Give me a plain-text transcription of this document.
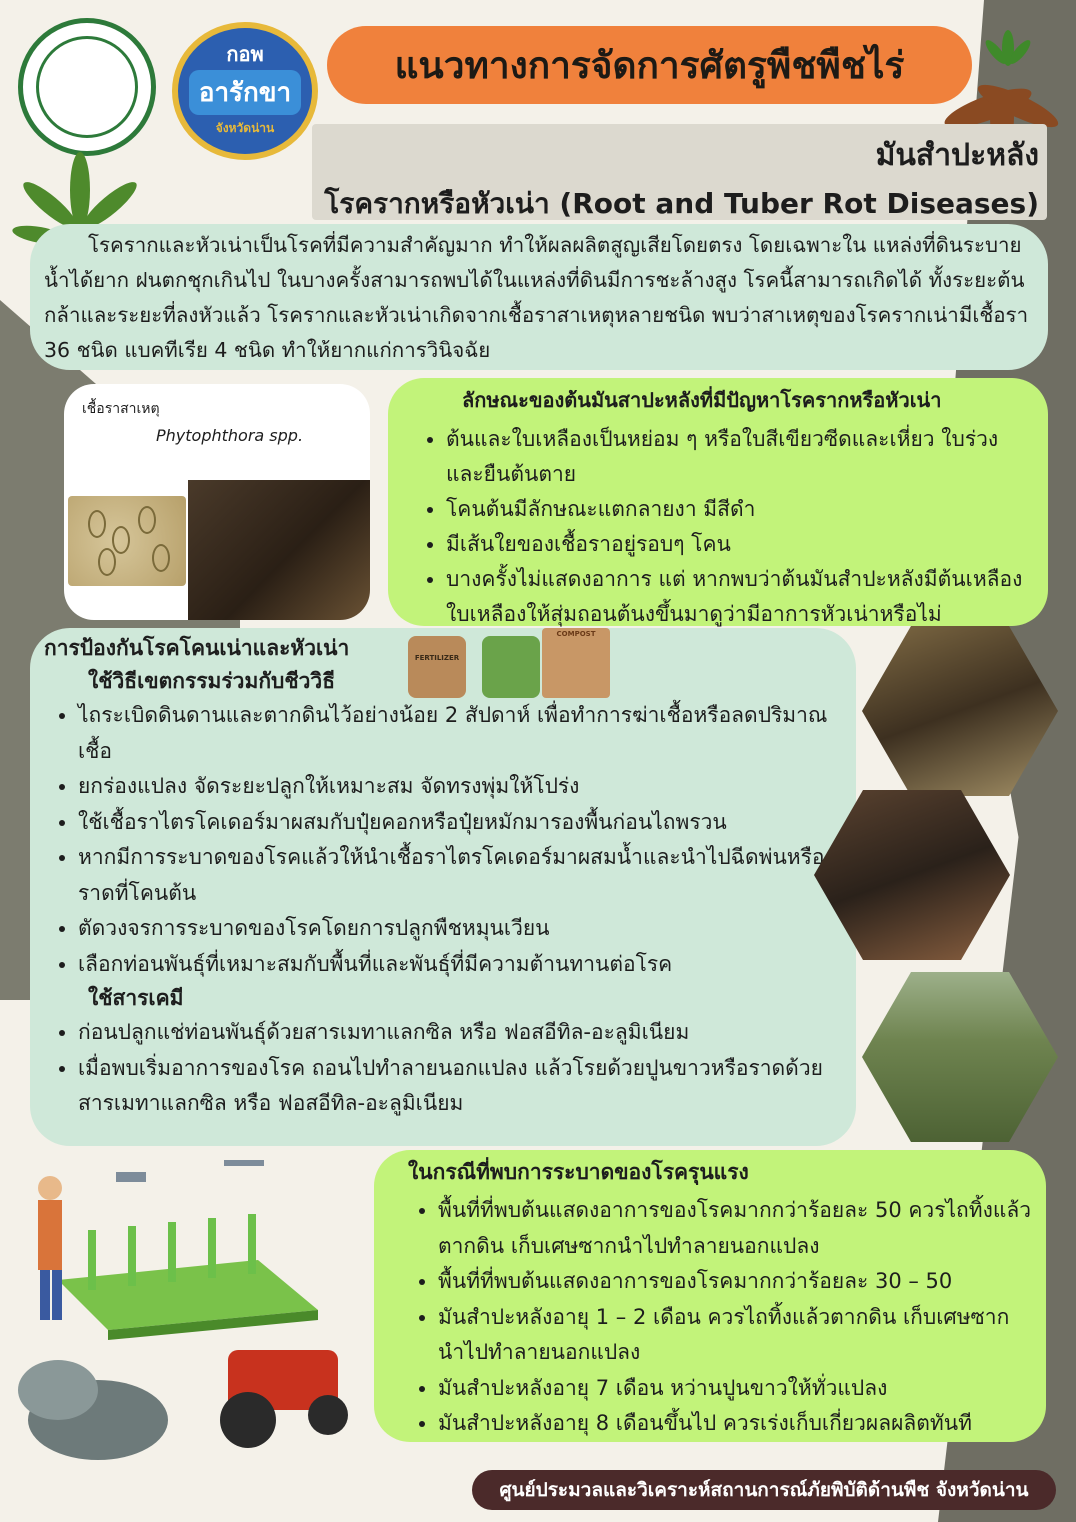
กอพ
อารักขา
จังหวัดน่าน
แนวทางการจัดการศัตรูพืชพืชไร่
มันสำปะหลัง
โรครากหรือหัวเน่า (Root and Tuber Rot Diseases)

โรครากและหัวเน่าเป็นโรคที่มีความสำคัญมาก ทำให้ผลผลิตสูญเสียโดยตรง โดยเฉพาะใน แหล่งที่ดินระบายน้ำได้ยาก ฝนตกชุกเกินไป ในบางครั้งสามารถพบได้ในแหล่งที่ดินมีการชะล้างสูง โรคนี้สามารถเกิดได้ ทั้งระยะต้นกล้าและระยะที่ลงหัวแล้ว โรครากและหัวเน่าเกิดจากเชื้อราสาเหตุหลายชนิด พบว่าสาเหตุของโรครากเน่ามีเชื้อรา 36 ชนิด แบคทีเรีย 4 ชนิด ทำให้ยากแก่การวินิจฉัย

เชื้อราสาเหตุ
Phytophthora spp.
ลักษณะของต้นมันสาปะหลังที่มีปัญหาโรครากหรือหัวเน่า
• ต้นและใบเหลืองเป็นหย่อม ๆ หรือใบสีเขียวซีดและเหี่ยว ใบร่วงและยืนต้นตาย
• โคนต้นมีลักษณะแตกลายงา มีสีดำ
• มีเส้นใยของเชื้อราอยู่รอบๆ โคน
• บางครั้งไม่แสดงอาการ แต่ หากพบว่าต้นมันสำปะหลังมีต้นเหลือง ใบเหลืองให้สุ่มถอนต้นงขึ้นมาดูว่ามีอาการหัวเน่าหรือไม่
การป้องกันโรคโคนเน่าและหัวเน่า
ใช้วิธีเขตกรรมร่วมกับชีววิธี
• ไถระเบิดดินดานและตากดินไว้อย่างน้อย 2 สัปดาห์ เพื่อทำการฆ่าเชื้อหรือลดปริมาณเชื้อ
• ยกร่องแปลง จัดระยะปลูกให้เหมาะสม จัดทรงพุ่มให้โปร่ง
• ใช้เชื้อราไตรโคเดอร์มาผสมกับปุ๋ยคอกหรือปุ๋ยหมักมารองพื้นก่อนไถพรวน
• หากมีการระบาดของโรคแล้วให้นำเชื้อราไตรโคเดอร์มาผสมน้ำและนำไปฉีดพ่นหรือราดที่โคนต้น
• ตัดวงจรการระบาดของโรคโดยการปลูกพืชหมุนเวียน
• เลือกท่อนพันธุ์ที่เหมาะสมกับพื้นที่และพันธุ์ที่มีความต้านทานต่อโรค
ใช้สารเคมี
• ก่อนปลูกแช่ท่อนพันธุ์ด้วยสารเมทาแลกซิล หรือ ฟอสอีทิล-อะลูมิเนียม
• เมื่อพบเริ่มอาการของโรค ถอนไปทำลายนอกแปลง แล้วโรยด้วยปูนขาวหรือราดด้วยสารเมทาแลกซิล หรือ ฟอสอีทิล-อะลูมิเนียม
FERTILIZER
COMPOST
ในกรณีที่พบการระบาดของโรครุนแรง
• พื้นที่ที่พบต้นแสดงอาการของโรคมากกว่าร้อยละ 50 ควรไถทิ้งแล้วตากดิน เก็บเศษซากนำไปทำลายนอกแปลง
• พื้นที่ที่พบต้นแสดงอาการของโรคมากกว่าร้อยละ 30 – 50
• มันสำปะหลังอายุ 1 – 2 เดือน ควรไถทิ้งแล้วตากดิน เก็บเศษซากนำไปทำลายนอกแปลง
• มันสำปะหลังอายุ 7 เดือน หว่านปูนขาวให้ทั่วแปลง
• มันสำปะหลังอายุ 8 เดือนขึ้นไป ควรเร่งเก็บเกี่ยวผลผลิตทันที
ศูนย์ประมวลและวิเคราะห์สถานการณ์ภัยพิบัติด้านพืช จังหวัดน่าน
